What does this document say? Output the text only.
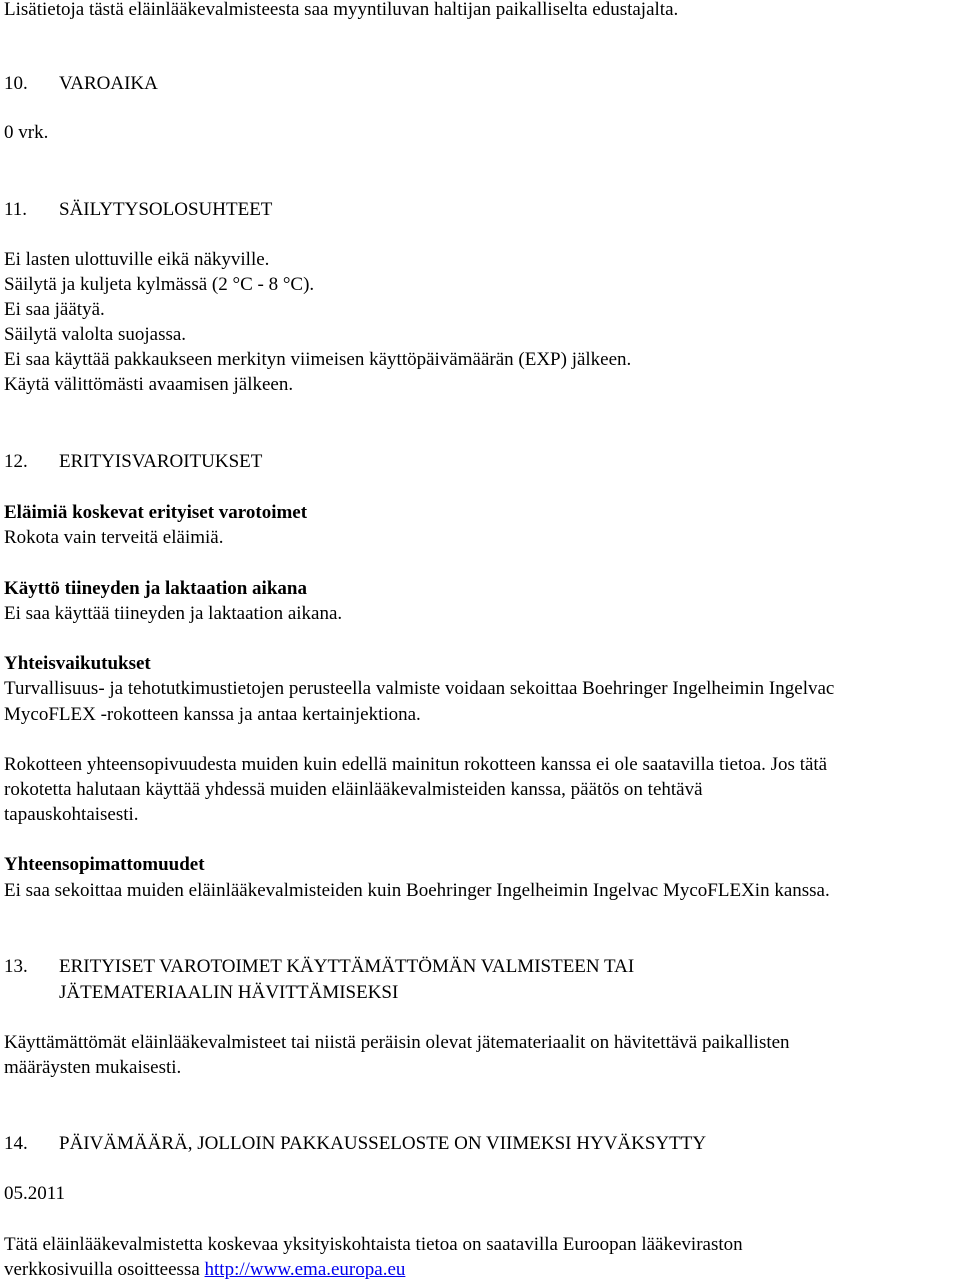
Lisätietoja tästä eläinlääkevalmisteesta saa myyntiluvan haltijan paikalliselta edustajalta.
10. VAROAIKA
0 vrk.
11. SÄILYTYSOLOSUHTEET
Ei lasten ulottuville eikä näkyville.
Säilytä ja kuljeta kylmässä (2 °C - 8 °C).
Ei saa jäätyä.
Säilytä valolta suojassa.
Ei saa käyttää pakkaukseen merkityn viimeisen käyttöpäivämäärän (EXP) jälkeen.
Käytä välittömästi avaamisen jälkeen.
12. ERITYISVAROITUKSET
Eläimiä koskevat erityiset varotoimet
Rokota vain terveitä eläimiä.
Käyttö tiineyden ja laktaation aikana
Ei saa käyttää tiineyden ja laktaation aikana.
Yhteisvaikutukset
Turvallisuus- ja tehotutkimustietojen perusteella valmiste voidaan sekoittaa Boehringer Ingelheimin Ingelvac
MycoFLEX -rokotteen kanssa ja antaa kertainjektiona.
Rokotteen yhteensopivuudesta muiden kuin edellä mainitun rokotteen kanssa ei ole saatavilla tietoa. Jos tätä
rokotetta halutaan käyttää yhdessä muiden eläinlääkevalmisteiden kanssa, päätös on tehtävä
tapauskohtaisesti.
Yhteensopimattomuudet
Ei saa sekoittaa muiden eläinlääkevalmisteiden kuin Boehringer Ingelheimin Ingelvac MycoFLEXin kanssa.
13. ERITYISET VAROTOIMET KÄYTTÄMÄTTÖMÄN VALMISTEEN TAI
JÄTEMATERIAALIN HÄVITTÄMISEKSI
Käyttämättömät eläinlääkevalmisteet tai niistä peräisin olevat jätemateriaalit on hävitettävä paikallisten
määräysten mukaisesti.
14. PÄIVÄMÄÄRÄ, JOLLOIN PAKKAUSSELOSTE ON VIIMEKSI HYVÄKSYTTY
05.2011
Tätä eläinlääkevalmistetta koskevaa yksityiskohtaista tietoa on saatavilla Euroopan lääkeviraston
verkkosivuilla osoitteessa http://www.ema.europa.eu
